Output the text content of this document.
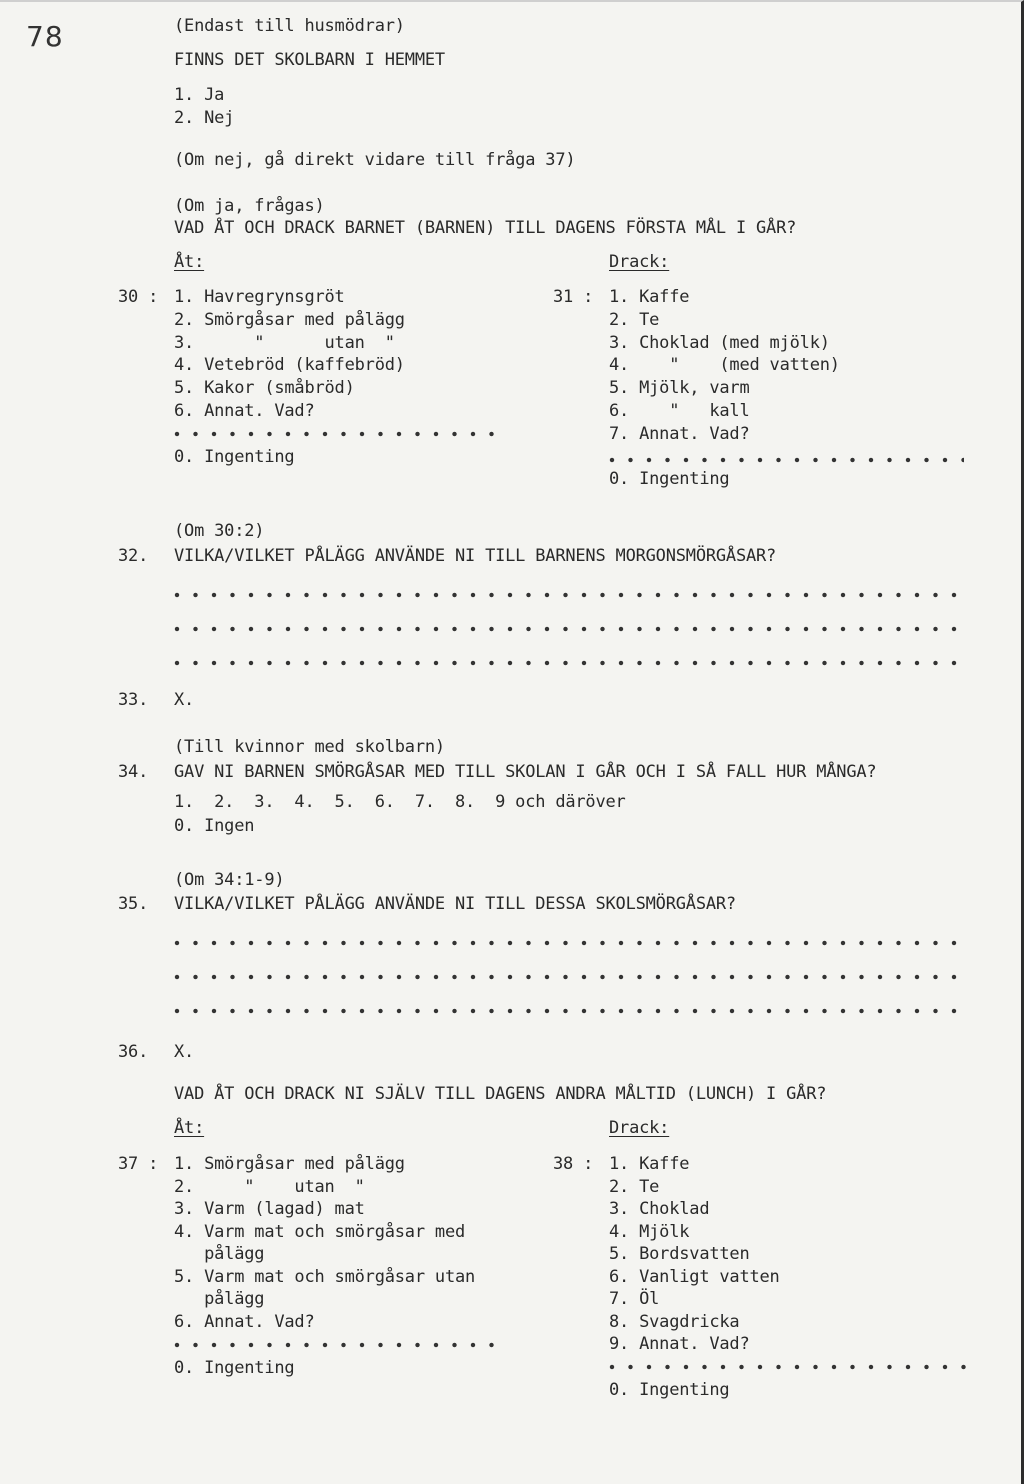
78	(Endast till husmödrar)
FINNS DET SKOLBARN I HEMMET
1. Ja
2. Nej
(Om nej, gå direkt vidare till fråga 37)
(Om ja, frågas)
VAD ÅT OCH DRACK BARNET (BARNEN) TILL DAGENS FÖRSTA MÅL I GÅR?
Åt:
30 : 1. Havregrynsgröt
2. Smörgåsar med pålägg
3.      "      utan  "
4. Vetebröd (kaffebröd)
5. Kakor (småbröd)
6. Annat. Vad?
0. Ingenting
Drack:
31 : 1. Kaffe
2. Te
3. Choklad (med mjölk)
4.    "    (med vatten)
5. Mjölk, varm
6.    "   kall
7. Annat. Vad?
0. Ingenting
(Om 30:2)
32. VILKA/VILKET PÅLÄGG ANVÄNDE NI TILL BARNENS MORGONSMÖRGÅSAR?
33. X.
(Till kvinnor med skolbarn)
34. GAV NI BARNEN SMÖRGÅSAR MED TILL SKOLAN I GÅR OCH I SÅ FALL HUR MÅNGA?
1.  2.  3.  4.  5.  6.  7.  8.  9 och däröver
0. Ingen
(Om 34:1-9)
35. VILKA/VILKET PÅLÄGG ANVÄNDE NI TILL DESSA SKOLSMÖRGÅSAR?
36. X.
VAD ÅT OCH DRACK NI SJÄLV TILL DAGENS ANDRA MÅLTID (LUNCH) I GÅR?
Åt:
37 : 1. Smörgåsar med pålägg
2.     "    utan  "
3. Varm (lagad) mat
4. Varm mat och smörgåsar med
pålägg
5. Varm mat och smörgåsar utan
pålägg
6. Annat. Vad?
0. Ingenting
Drack:
38 : 1. Kaffe
2. Te
3. Choklad
4. Mjölk
5. Bordsvatten
6. Vanligt vatten
7. Öl
8. Svagdricka
9. Annat. Vad?
0. Ingenting
